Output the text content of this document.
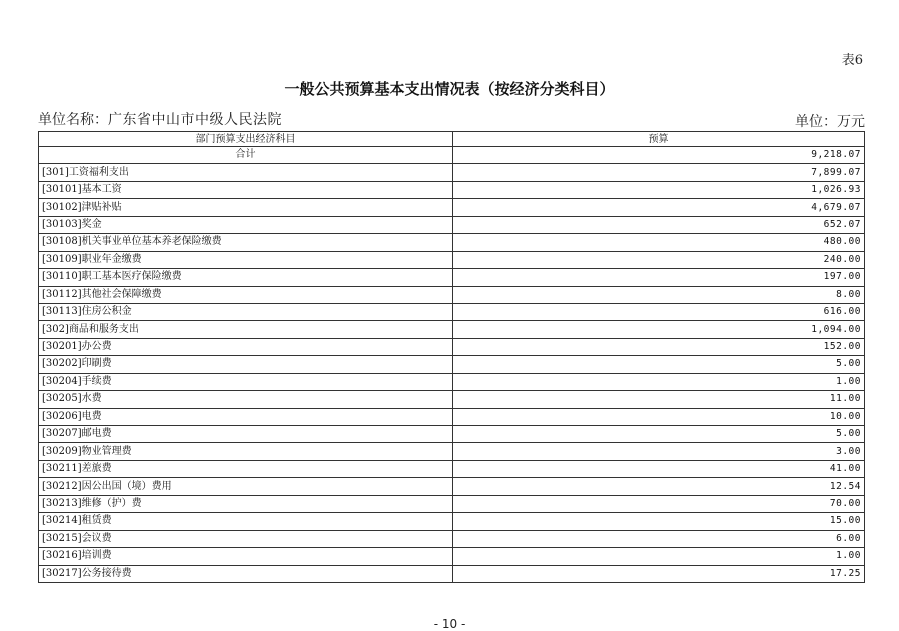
表6
一般公共预算基本支出情况表（按经济分类科目）
单位名称：广东省中山市中级人民法院	单位：万元
部门预算支出经济科目	预算
合计	9,218.07
[301]工资福利支出	7,899.07
[30101]基本工资	1,026.93
[30102]津贴补贴	4,679.07
[30103]奖金	652.07
[30108]机关事业单位基本养老保险缴费	480.00
[30109]职业年金缴费	240.00
[30110]职工基本医疗保险缴费	197.00
[30112]其他社会保障缴费	8.00
[30113]住房公积金	616.00
[302]商品和服务支出	1,094.00
[30201]办公费	152.00
[30202]印刷费	5.00
[30204]手续费	1.00
[30205]水费	11.00
[30206]电费	10.00
[30207]邮电费	5.00
[30209]物业管理费	3.00
[30211]差旅费	41.00
[30212]因公出国（境）费用	12.54
[30213]维修（护）费	70.00
[30214]租赁费	15.00
[30215]会议费	6.00
[30216]培训费	1.00
[30217]公务接待费	17.25
- 10 -
